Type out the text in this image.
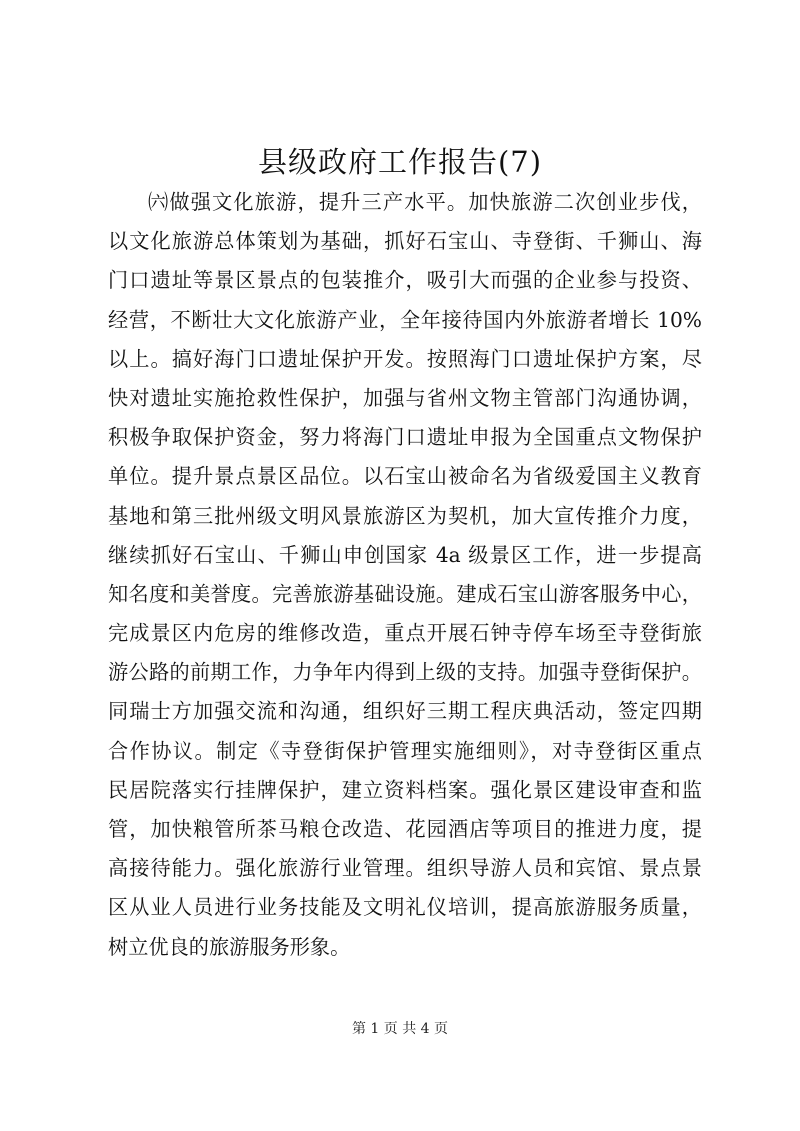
县级政府工作报告(7)
㈥做强文化旅游，提升三产水平。加快旅游二次创业步伐，
以文化旅游总体策划为基础，抓好石宝山、寺登街、千狮山、海
门口遗址等景区景点的包装推介，吸引大而强的企业参与投资、
经营，不断壮大文化旅游产业，全年接待国内外旅游者增长 10%
以上。搞好海门口遗址保护开发。按照海门口遗址保护方案，尽
快对遗址实施抢救性保护，加强与省州文物主管部门沟通协调，
积极争取保护资金，努力将海门口遗址申报为全国重点文物保护
单位。提升景点景区品位。以石宝山被命名为省级爱国主义教育
基地和第三批州级文明风景旅游区为契机，加大宣传推介力度，
继续抓好石宝山、千狮山申创国家 4a 级景区工作，进一步提高
知名度和美誉度。完善旅游基础设施。建成石宝山游客服务中心，
完成景区内危房的维修改造，重点开展石钟寺停车场至寺登街旅
游公路的前期工作，力争年内得到上级的支持。加强寺登街保护。
同瑞士方加强交流和沟通，组织好三期工程庆典活动，签定四期
合作协议。制定《寺登街保护管理实施细则》，对寺登街区重点
民居院落实行挂牌保护，建立资料档案。强化景区建设审查和监
管，加快粮管所茶马粮仓改造、花园酒店等项目的推进力度，提
高接待能力。强化旅游行业管理。组织导游人员和宾馆、景点景
区从业人员进行业务技能及文明礼仪培训，提高旅游服务质量，
树立优良的旅游服务形象。
第 1 页 共 4 页
